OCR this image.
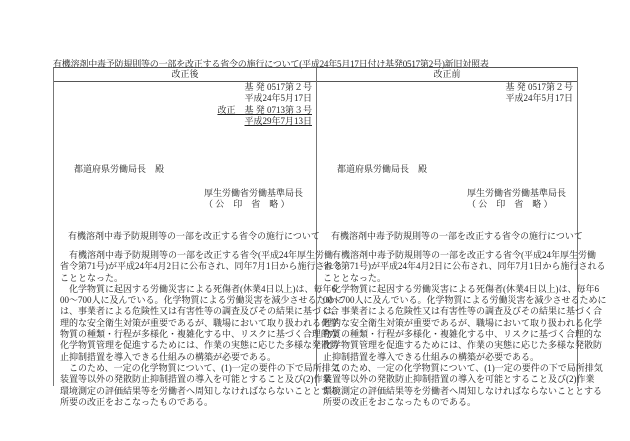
有機溶剤中毒予防規則等の一部を改正する省令の施行について(平成24年5月17日付け基発0517第2号)新旧対照表
改正後	改正前
基 発 0517第２号
平成24年5月17日
改正　 基 発 0713第３号
平成29年7月13日
都道府県労働局長　殿
厚生労働省労働基準局長
（ 公　印　省　略 ）
有機溶剤中毒予防規則等の一部を改正する省令の施行について
　有機溶剤中毒予防規則等の一部を改正する省令(平成24年厚生労働
省令第71号)が平成24年4月2日に公布され、同年7月1日から施行される
こととなった。
　化学物質に起因する労働災害による死傷者(休業4日以上)は、毎年6
00～700人に及んでいる。化学物質による労働災害を減少させるために
は、事業者による危険性又は有害性等の調査及びその結果に基づく合
理的な安全衛生対策が重要であるが、職場において取り扱われる化学
物質の種類・行程が多様化・複雑化する中、リスクに基づく合理的な
化学物質管理を促進するためには、作業の実態に応じた多様な発散防
止抑制措置を導入できる仕組みの構築が必要である。
　このため、一定の化学物質について、(1)一定の要件の下で局所排気
装置等以外の発散防止抑制措置の導入を可能とすること及び(2)作業
環境測定の評価結果等を労働者へ周知しなければならないこととする
所要の改正をおこなったものである。
基 発 0517第２号
平成24年5月17日
都道府県労働局長　殿
厚生労働省労働基準局長
（ 公　印　省　略 ）
有機溶剤中毒予防規則等の一部を改正する省令の施行について
　有機溶剤中毒予防規則等の一部を改正する省令(平成24年厚生労働
省令第71号)が平成24年4月2日に公布され、同年7月1日から施行される
こととなった。
　化学物質に起因する労働災害による死傷者(休業4日以上)は、毎年6
00～700人に及んでいる。化学物質による労働災害を減少させるために
は、事業者による危険性又は有害性等の調査及びその結果に基づく合
理的な安全衛生対策が重要であるが、職場において取り扱われる化学
物質の種類・行程が多様化・複雑化する中、リスクに基づく合理的な
化学物質管理を促進するためには、作業の実態に応じた多様な発散防
止抑制措置を導入できる仕組みの構築が必要である。
　このため、一定の化学物質について、(1)一定の要件の下で局所排気
装置等以外の発散防止抑制措置の導入を可能とすること及び(2)作業
環境測定の評価結果等を労働者へ周知しなければならないこととする
所要の改正をおこなったものである。
